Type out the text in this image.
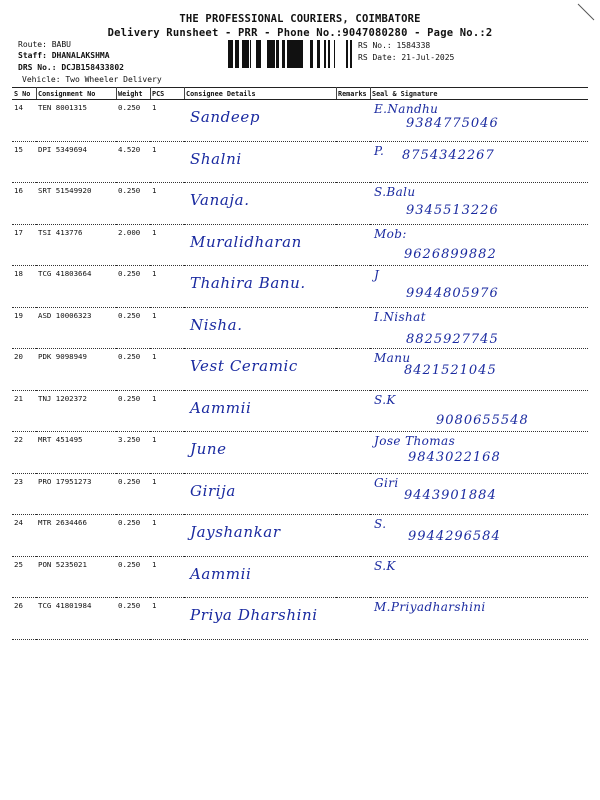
THE PROFESSIONAL COURIERS, COIMBATORE
Delivery Runsheet - PRR - Phone No.:9047080280 - Page No.:2
Route: BABU
Staff: DHANALAKSHMA
DRS No.: DCJB158433802
Vehicle: Two Wheeler Delivery
RS No.: 1584338
RS Date: 21-Jul-2025
S No	Consignment No	Weight	PCS	Consignee Details	Remarks	Seal & Signature
14	TEN 8001315	0.250	1	Sandeep		E.Nandhu
9384775046

15	DPI 5349694	4.520	1	Shalni		P. 8754342267

16	SRT 51549920	0.250	1	Vanaja.		S.Balu
9345513226

17	TSI 413776	2.000	1	Muralidharan		Mob:
9626899882

18	TCG 41803664	0.250	1	Thahira Banu.		J
9944805976

19	ASD 10006323	0.250	1	Nisha.		I.Nishat
8825927745

20	PDK 9098949	0.250	1	Vest Ceramic		Manu
8421521045

21	TNJ 1202372	0.250	1	Aammii		S.K
9080655548

22	MRT 451495	3.250	1	June		Jose Thomas
9843022168

23	PRO 17951273	0.250	1	Girija		Giri
9443901884

24	MTR 2634466	0.250	1	Jayshankar		S.
9944296584

25	PON 5235021	0.250	1	Aammii		S.K

26	TCG 41801984	0.250	1	Priya Dharshini		M.Priyadharshini
